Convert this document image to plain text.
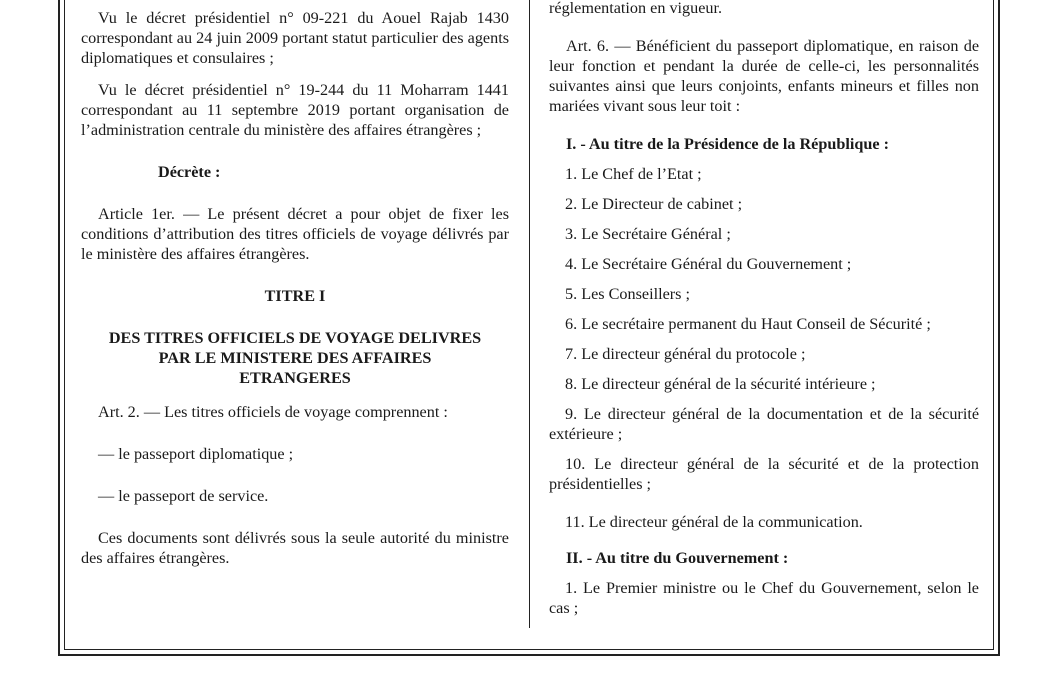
Vu le décret présidentiel n° 09-221 du Aouel Rajab 1430 correspondant au 24 juin 2009 portant statut particulier des agents diplomatiques et consulaires ;

Vu le décret présidentiel n° 19-244 du 11 Moharram 1441 correspondant au 11 septembre 2019 portant organisation de l’administration centrale du ministère des affaires étrangères ;

Décrète :

Article 1er. — Le présent décret a pour objet de fixer les conditions d’attribution des titres officiels de voyage délivrés par le ministère des affaires étrangères.

TITRE I

DES TITRES OFFICIELS DE VOYAGE DELIVRES
PAR LE MINISTERE DES AFFAIRES
ETRANGERES

Art. 2. — Les titres officiels de voyage comprennent :

— le passeport diplomatique ;

— le passeport de service.

Ces documents sont délivrés sous la seule autorité du ministre des affaires étrangères.

réglementation en vigueur.

Art. 6. — Bénéficient du passeport diplomatique, en raison de leur fonction et pendant la durée de celle-ci, les personnalités suivantes ainsi que leurs conjoints, enfants mineurs et filles non mariées vivant sous leur toit :

I. - Au titre de la Présidence de la République :

1. Le Chef de l’Etat ;

2. Le Directeur de cabinet ;

3. Le Secrétaire Général ;

4. Le Secrétaire Général du Gouvernement ;

5. Les Conseillers ;

6. Le secrétaire permanent du Haut Conseil de Sécurité ;

7. Le directeur général du protocole ;

8. Le directeur général de la sécurité intérieure ;

9. Le directeur général de la documentation et de la sécurité extérieure ;

10. Le directeur général de la sécurité et de la protection présidentielles ;

11. Le directeur général de la communication.

II. - Au titre du Gouvernement :

1. Le Premier ministre ou le Chef du Gouvernement, selon le cas ;
